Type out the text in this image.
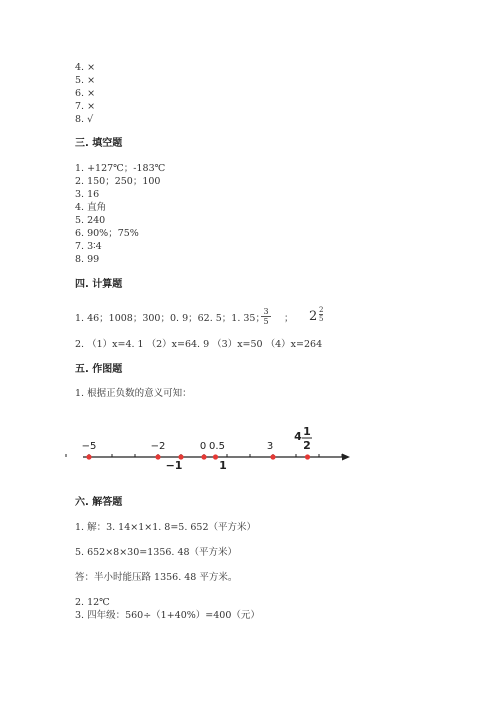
4. ×
5. ×
6. ×
7. ×
8. √
三. 填空题
1. +127℃；-183℃
2. 150；250；100
3. 16
4. 直角
5. 240
6. 90%；75%
7. 3∶4
8. 99
四. 计算题
1. 46；1008；300；0. 9；62. 5；1. 35；
$\frac{3}{5}$ ； $2 \frac{2}{5}$
2. （1）x=4. 1 （2）x=64. 9 （3）x=50 （4）x=264
五. 作图题
1. 根据正负数的意义可知：
−5	−2	0 0.5	3
−1	1
4 1
2
六. 解答题
1. 解：3. 14×1×1. 8=5. 652（平方米）
5. 652×8×30=1356. 48（平方米）
答：半小时能压路 1356. 48 平方米。
2. 12℃
3. 四年级：560÷（1+40%）=400（元）
